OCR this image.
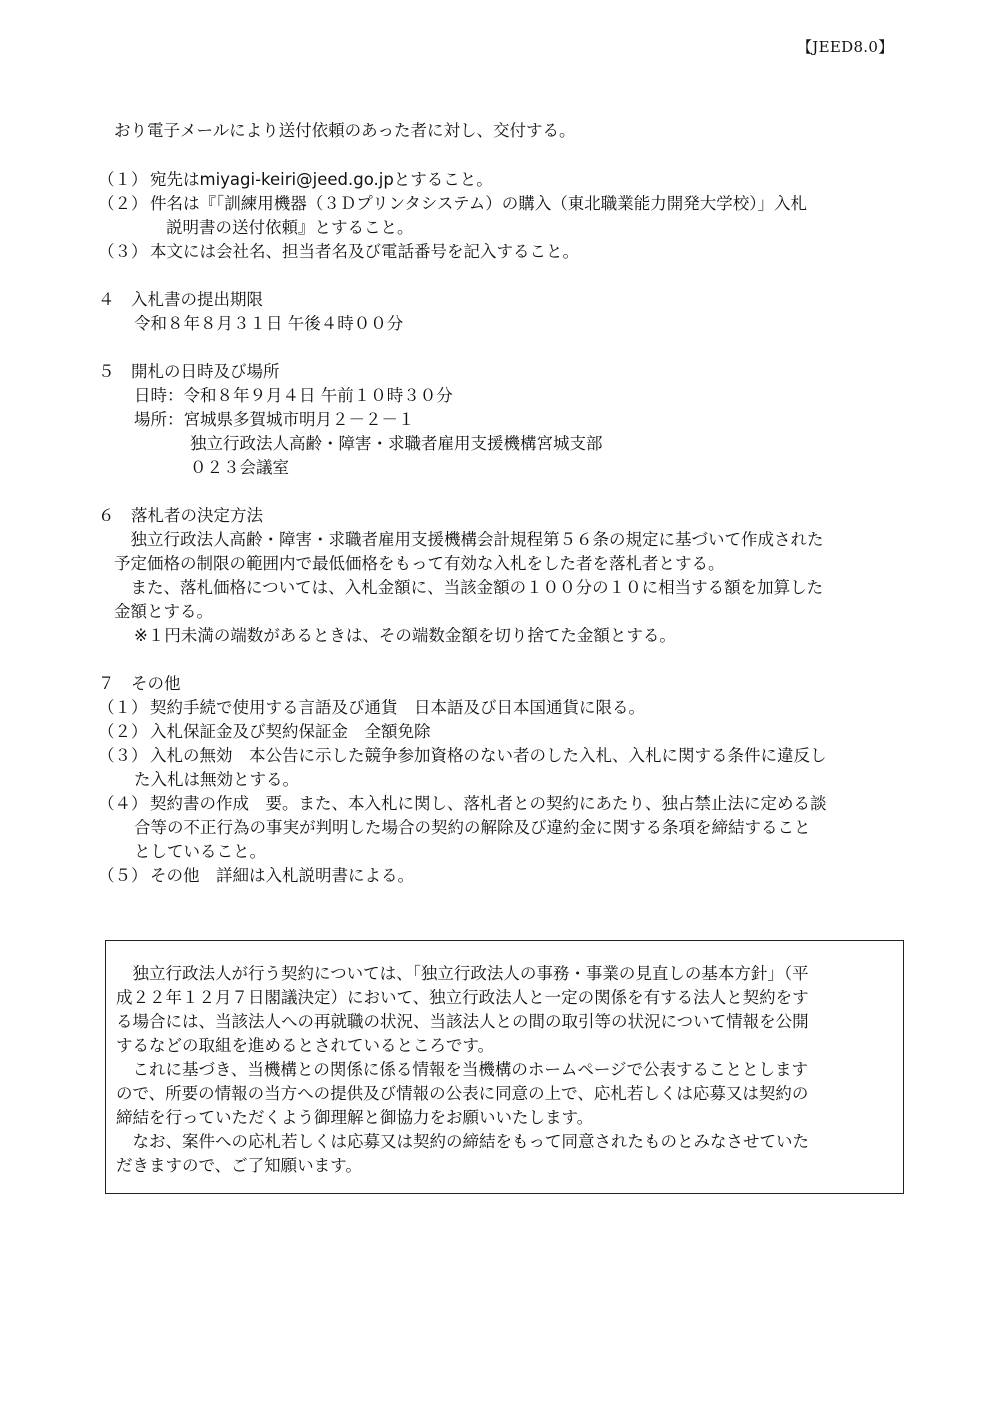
【JEED8.0】
おり電子メールにより送付依頼のあった者に対し、交付する。
（１） 宛先はmiyagi-keiri@jeed.go.jpとすること。
（２） 件名は『「訓練用機器（３Ｄプリンタシステム）の購入（東北職業能力開発大学校）」入札
説明書の送付依頼』とすること。
（３） 本文には会社名、担当者名及び電話番号を記入すること。
４　入札書の提出期限
令和８年８月３１日 午後４時００分
５　開札の日時及び場所
日時：令和８年９月４日 午前１０時３０分
場所：宮城県多賀城市明月２－２－１
独立行政法人高齢・障害・求職者雇用支援機構宮城支部
０２３会議室
６　落札者の決定方法
　独立行政法人高齢・障害・求職者雇用支援機構会計規程第５６条の規定に基づいて作成された
予定価格の制限の範囲内で最低価格をもって有効な入札をした者を落札者とする。
　また、落札価格については、入札金額に、当該金額の１００分の１０に相当する額を加算した
金額とする。
※１円未満の端数があるときは、その端数金額を切り捨てた金額とする。
７　その他
（１） 契約手続で使用する言語及び通貨　日本語及び日本国通貨に限る。
（２） 入札保証金及び契約保証金　全額免除
（３） 入札の無効　本公告に示した競争参加資格のない者のした入札、入札に関する条件に違反し
た入札は無効とする。
（４） 契約書の作成　要。また、本入札に関し、落札者との契約にあたり、独占禁止法に定める談
合等の不正行為の事実が判明した場合の契約の解除及び違約金に関する条項を締結すること
としていること。
（５） その他　詳細は入札説明書による。
　独立行政法人が行う契約については、「独立行政法人の事務・事業の見直しの基本方針」（平
成２２年１２月７日閣議決定）において、独立行政法人と一定の関係を有する法人と契約をす
る場合には、当該法人への再就職の状況、当該法人との間の取引等の状況について情報を公開
するなどの取組を進めるとされているところです。
　これに基づき、当機構との関係に係る情報を当機構のホームページで公表することとします
ので、所要の情報の当方への提供及び情報の公表に同意の上で、応札若しくは応募又は契約の
締結を行っていただくよう御理解と御協力をお願いいたします。
　なお、案件への応札若しくは応募又は契約の締結をもって同意されたものとみなさせていた
だきますので、ご了知願います。
